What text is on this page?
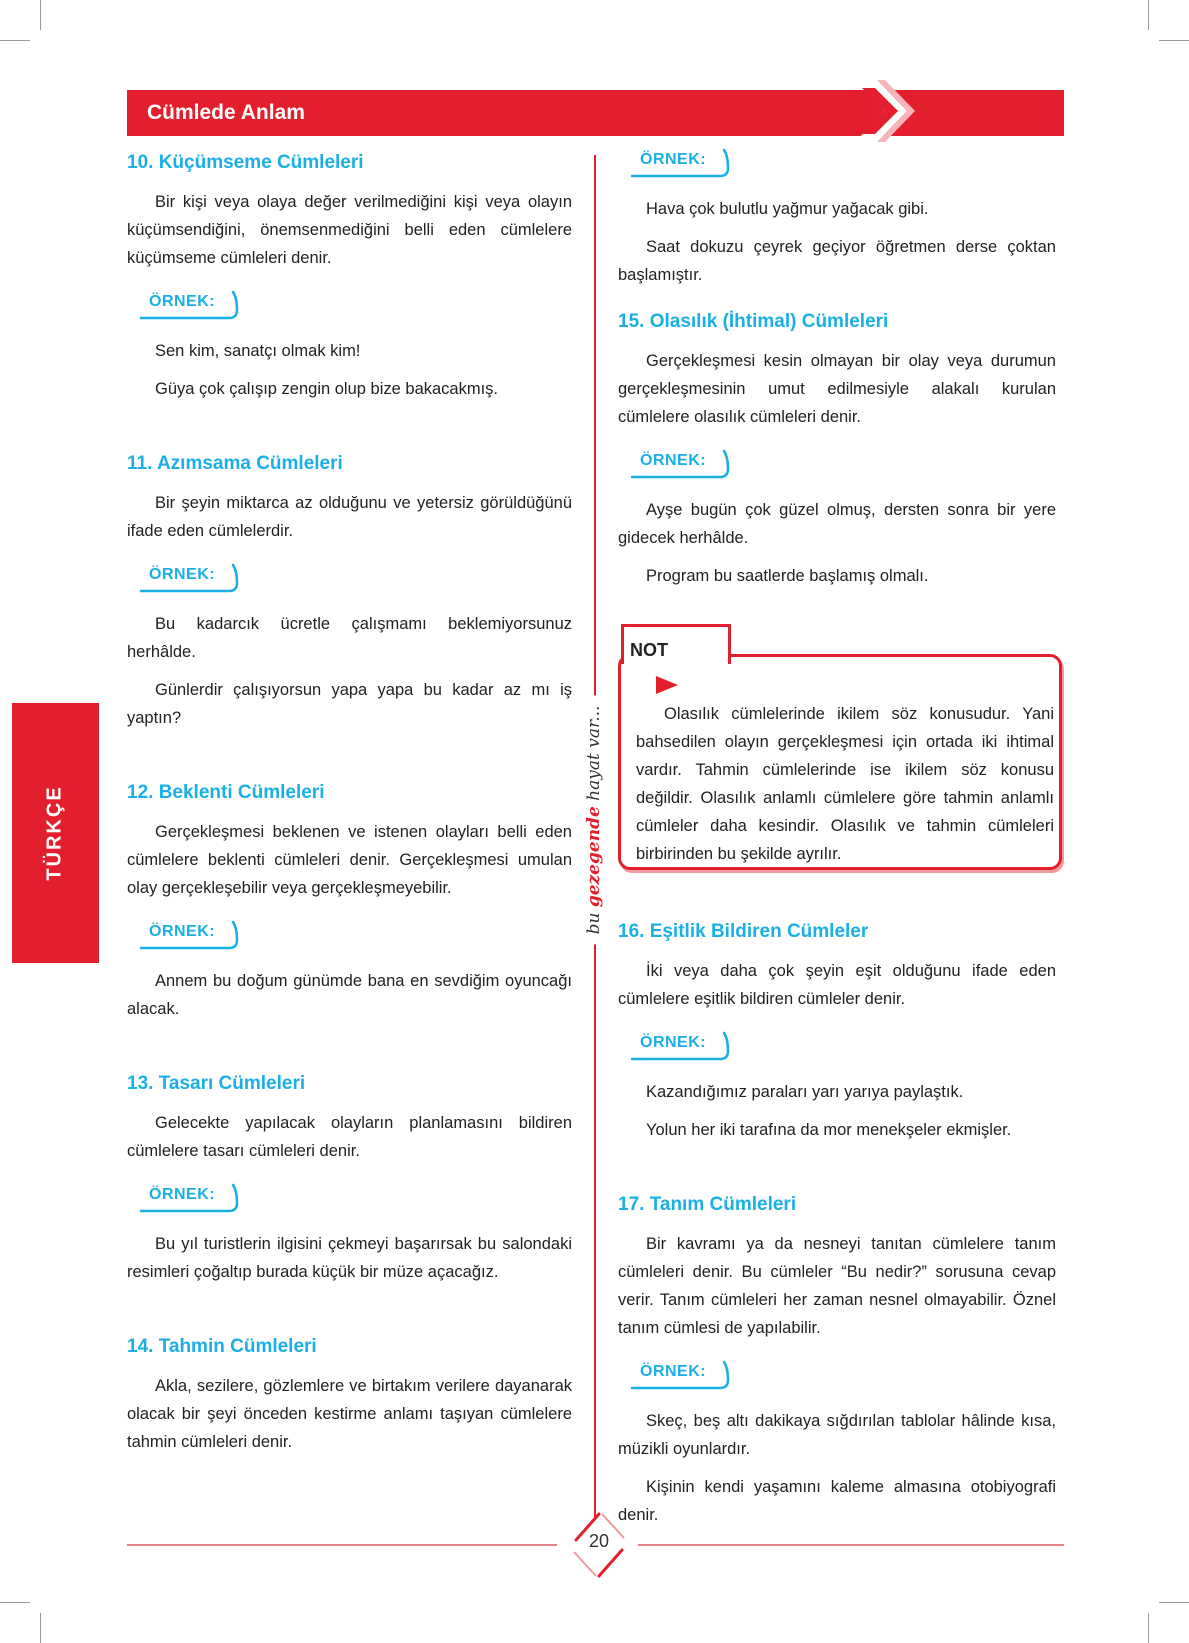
Cümlede Anlam
TÜRKÇE
bu gezegende hayat var...
10. Küçümseme Cümleleri

Bir kişi veya olaya değer verilmediğini kişi veya olayın küçümsendiğini, önemsenmediğini belli eden cümlelere küçümseme cümleleri denir.

ÖRNEK:

Sen kim, sanatçı olmak kim!

Güya çok çalışıp zengin olup bize bakacakmış.

11. Azımsama Cümleleri

Bir şeyin miktarca az olduğunu ve yetersiz görüldüğünü ifade eden cümlelerdir.

ÖRNEK:

Bu kadarcık ücretle çalışmamı beklemiyorsunuz herhâlde.

Günlerdir çalışıyorsun yapa yapa bu kadar az mı iş yaptın?

12. Beklenti Cümleleri

Gerçekleşmesi beklenen ve istenen olayları belli eden cümlelere beklenti cümleleri denir. Gerçekleşmesi umulan olay gerçekleşebilir veya gerçekleşmeyebilir.

ÖRNEK:

Annem bu doğum günümde bana en sevdiğim oyuncağı alacak.

13. Tasarı Cümleleri

Gelecekte yapılacak olayların planlamasını bildiren cümlelere tasarı cümleleri denir.

ÖRNEK:

Bu yıl turistlerin ilgisini çekmeyi başarırsak bu salondaki resimleri çoğaltıp burada küçük bir müze açacağız.

14. Tahmin Cümleleri

Akla, sezilere, gözlemlere ve birtakım verilere dayanarak olacak bir şeyi önceden kestirme anlamı taşıyan cümlelere tahmin cümleleri denir.

ÖRNEK:

Hava çok bulutlu yağmur yağacak gibi.

Saat dokuzu çeyrek geçiyor öğretmen derse çoktan başlamıştır.

15. Olasılık (İhtimal) Cümleleri

Gerçekleşmesi kesin olmayan bir olay veya durumun gerçekleşmesinin umut edilmesiyle alakalı kurulan cümlelere olasılık cümleleri denir.

ÖRNEK:

Ayşe bugün çok güzel olmuş, dersten sonra bir yere gidecek herhâlde.

Program bu saatlerde başlamış olmalı.

NOT

Olasılık cümlelerinde ikilem söz konusudur. Yani bahsedilen olayın gerçekleşmesi için ortada iki ihtimal vardır. Tahmin cümlelerinde ise ikilem söz konusu değildir. Olasılık anlamlı cümlelere göre tahmin anlamlı cümleler daha kesindir. Olasılık ve tahmin cümleleri birbirinden bu şekilde ayrılır.

16. Eşitlik Bildiren Cümleler

İki veya daha çok şeyin eşit olduğunu ifade eden cümlelere eşitlik bildiren cümleler denir.

ÖRNEK:

Kazandığımız paraları yarı yarıya paylaştık.

Yolun her iki tarafına da mor menekşeler ekmişler.

17. Tanım Cümleleri

Bir kavramı ya da nesneyi tanıtan cümlelere tanım cümleleri denir. Bu cümleler “Bu nedir?” sorusuna cevap verir. Tanım cümleleri her zaman nesnel olmayabilir. Öznel tanım cümlesi de yapılabilir.

ÖRNEK:

Skeç, beş altı dakikaya sığdırılan tablolar hâlinde kısa, müzikli oyunlardır.

Kişinin kendi yaşamını kaleme almasına otobiyografi denir.

20
